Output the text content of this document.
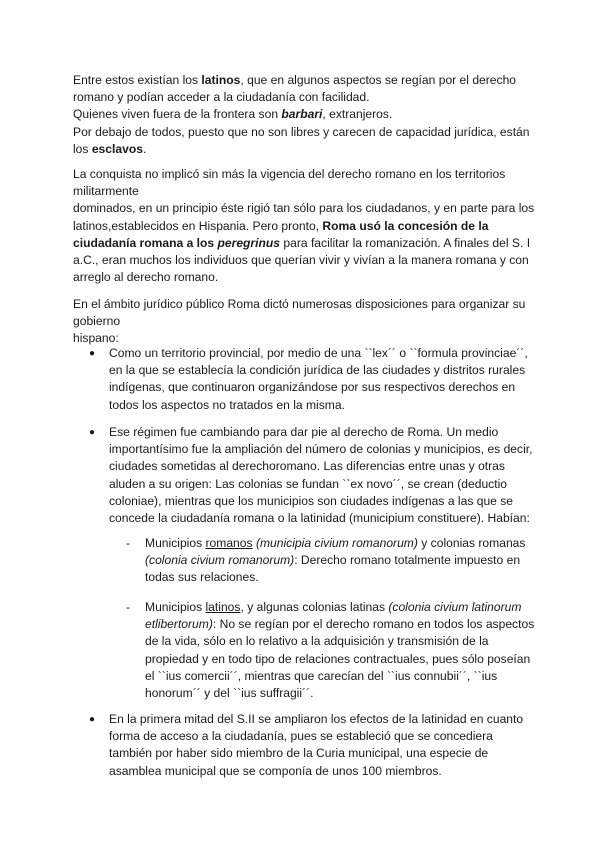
Entre estos existían los latinos, que en algunos aspectos se regían por el derecho romano y podían acceder a la ciudadanía con facilidad.
Quienes viven fuera de la frontera son barbari, extranjeros.
Por debajo de todos, puesto que no son libres y carecen de capacidad jurídica, están los esclavos.

La conquista no implicó sin más la vigencia del derecho romano en los territorios militarmente
dominados, en un principio éste rigió tan sólo para los ciudadanos, y en parte para los latinos,establecidos en Hispania. Pero pronto, Roma usó la concesión de la ciudadanía romana a los peregrinus para facilitar la romanización. A finales del S. I a.C., eran muchos los individuos que querían vivir y vivían a la manera romana y con arreglo al derecho romano.

En el ámbito jurídico público Roma dictó numerosas disposiciones para organizar su gobierno
hispano:

● Como un territorio provincial, por medio de una ``lex´´ o ``formula provinciae´´, en la que se establecía la condición jurídica de las ciudades y distritos rurales indígenas, que continuaron organizándose por sus respectivos derechos en todos los aspectos no tratados en la misma.
● Ese régimen fue cambiando para dar pie al derecho de Roma. Un medio importantísimo fue la ampliación del número de colonias y municipios, es decir, ciudades sometidas al derechoromano. Las diferencias entre unas y otras aluden a su origen: Las colonias se fundan ``ex novo´´, se crean (deductio coloniae), mientras que los municipios son ciudades indígenas a las que se concede la ciudadanía romana o la latinidad (municipium constituere). Habían:
- Municipios romanos (municipia civium romanorum) y colonias romanas (colonia civium romanorum): Derecho romano totalmente impuesto en todas sus relaciones.
- Municipios latinos, y algunas colonias latinas (colonia civium latinorum etlibertorum): No se regían por el derecho romano en todos los aspectos de la vida, sólo en lo relativo a la adquisición y transmisión de la propiedad y en todo tipo de relaciones contractuales, pues sólo poseían el ``ius comercii´´, mientras que carecían del ``ius connubii´´, ``ius honorum´´ y del ``ius suffragii´´.
● En la primera mitad del S.II se ampliaron los efectos de la latinidad en cuanto forma de acceso a la ciudadanía, pues se estableció que se concediera también por haber sido miembro de la Curia municipal, una especie de asamblea municipal que se componía de unos 100 miembros.
